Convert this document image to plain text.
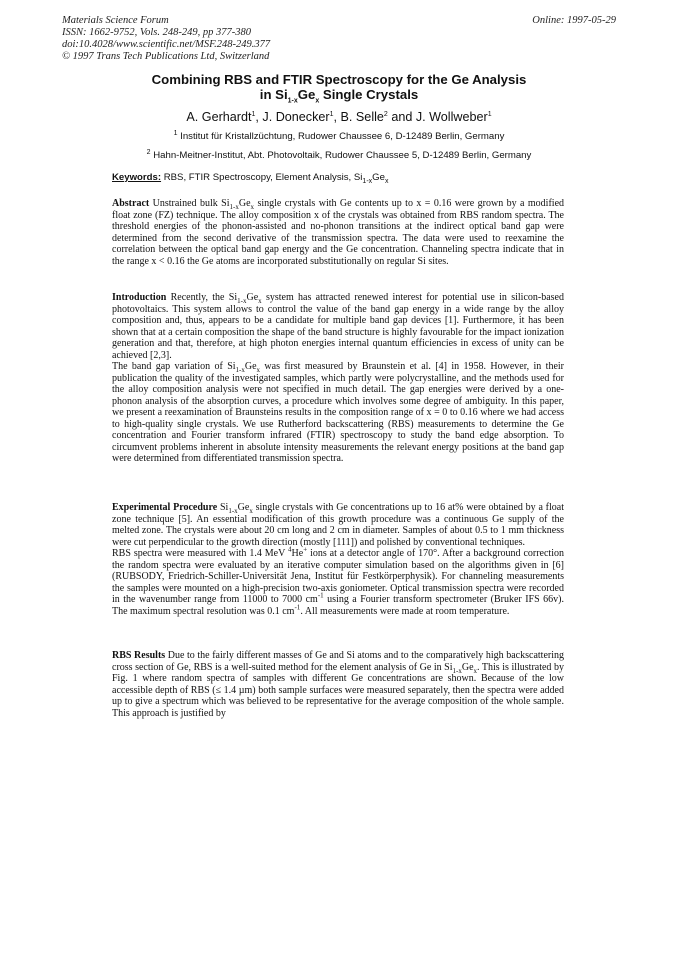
Materials Science Forum
ISSN: 1662-9752, Vols. 248-249, pp 377-380
doi:10.4028/www.scientific.net/MSF.248-249.377
© 1997 Trans Tech Publications Ltd, Switzerland
Online: 1997-05-29
Combining RBS and FTIR Spectroscopy for the Ge Analysis
in $Si_{1-x}Ge_x$ Single Crystals
A. Gerhardt$^1$, J. Donecker$^1$, B. Selle$^2$ and J. Wollweber$^1$
$^1$ Institut für Kristallzüchtung, Rudower Chaussee 6, D-12489 Berlin, Germany
$^2$ Hahn-Meitner-Institut, Abt. Photovoltaik, Rudower Chaussee 5, D-12489 Berlin, Germany
Keywords: RBS, FTIR Spectroscopy, Element Analysis, $Si_{1-x}Ge_x$

Abstract Unstrained bulk $Si_{1-x}Ge_x$ single crystals with Ge contents up to x = 0.16 were grown by a modified float zone (FZ) technique. The alloy composition x of the crystals was obtained from RBS random spectra. The threshold energies of the phonon-assisted and no-phonon transitions at the indirect optical band gap were determined from the second derivative of the transmission spectra. The data were used to reexamine the correlation between the optical band gap energy and the Ge concentration. Channeling spectra indicate that in the range x < 0.16 the Ge atoms are incorporated substitutionally on regular Si sites.

Introduction Recently, the $Si_{1-x}Ge_x$ system has attracted renewed interest for potential use in silicon-based photovoltaics. This system allows to control the value of the band gap energy in a wide range by the alloy composition and, thus, appears to be a candidate for multiple band gap devices [1]. Furthermore, it has been shown that at a certain composition the shape of the band structure is highly favourable for the impact ionization generation and that, therefore, at high photon energies internal quantum efficiencies in excess of unity can be achieved [2,3].

The band gap variation of $Si_{1-x}Ge_x$ was first measured by Braunstein et al. [4] in 1958. However, in their publication the quality of the investigated samples, which partly were polycrystalline, and the methods used for the alloy composition analysis were not specified in much detail. The gap energies were derived by a one-phonon analysis of the absorption curves, a procedure which involves some degree of ambiguity. In this paper, we present a reexamination of Braunsteins results in the composition range of x = 0 to 0.16 where we had access to high-quality single crystals. We use Rutherford backscattering (RBS) measurements to determine the Ge concentration and Fourier transform infrared (FTIR) spectroscopy to study the band edge absorption. To circumvent problems inherent in absolute intensity measurements the relevant energy positions at the band gap were determined from differentiated transmission spectra.

Experimental Procedure $Si_{1-x}Ge_x$ single crystals with Ge concentrations up to 16 at% were obtained by a float zone technique [5]. An essential modification of this growth procedure was a continuous Ge supply of the melted zone. The crystals were about 20 cm long and 2 cm in diameter. Samples of about 0.5 to 1 mm thickness were cut perpendicular to the growth direction (mostly [111]) and polished by conventional techniques.

RBS spectra were measured with 1.4 MeV $^4$He+ ions at a detector angle of 170°. After a background correction the random spectra were evaluated by an iterative computer simulation based on the algorithms given in [6] (RUBSODY, Friedrich-Schiller-Universität Jena, Institut für Festkörperphysik). For channeling measurements the samples were mounted on a high-precision two-axis goniometer. Optical transmission spectra were recorded in the wavenumber range from 11000 to 7000 $cm^{-1}$ using a Fourier transform spectrometer (Bruker IFS 66v). The maximum spectral resolution was 0.1 $cm^{-1}$. All measurements were made at room temperature.

RBS Results Due to the fairly different masses of Ge and Si atoms and to the comparatively high backscattering cross section of Ge, RBS is a well-suited method for the element analysis of Ge in $Si_{1-x}Ge_x$. This is illustrated by Fig. 1 where random spectra of samples with different Ge concentrations are shown. Because of the low accessible depth of RBS (≤ 1.4 µm) both sample surfaces were measured separately, then the spectra were added up to give a spectrum which was believed to be representative for the average composition of the whole sample. This approach is justified by
